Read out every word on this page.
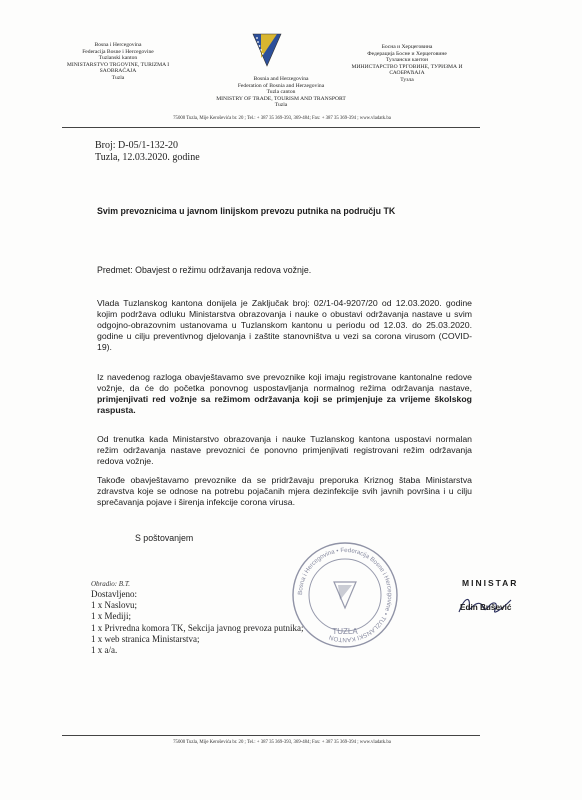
Bosna i Hercegovina
Federacija Bosne i Hercegovine
Tuzlanski kanton
MINISTARSTVO TRGOVINE, TURIZMA I SAOBRAĆAJA
Tuzla	Bosnia and Herzegovina
Federation of Bosnia and Herzegovina
Tuzla canton
MINISTRY OF TRADE, TOURISM AND TRANSPORT
Tuzla
Босна и Херцеговина
Федерација Босне и Херцеговине
Тузлански кантон
МИНИСТАРСТВО ТРГОВИНЕ, ТУРИЗМА И САОБРАЋАЈА
Тузла
75000 Tuzla, Mije Keroševića br. 20 ; Tel.: + 387 35 369-393, 369-484; Fax: + 387 35 369-394 ; www.vladatk.ba
Broj: D-05/1-132-20
Tuzla, 12.03.2020. godine
Svim prevoznicima u javnom linijskom prevozu putnika na području TK
Predmet: Obavjest o režimu održavanja redova vožnje.
Vlada Tuzlanskog kantona donijela je Zaključak broj: 02/1-04-9207/20 od 12.03.2020. godine kojim podržava odluku Ministarstva obrazovanja i nauke o obustavi održavanja nastave u svim odgojno-obrazovnim ustanovama u Tuzlanskom kantonu u periodu od 12.03. do 25.03.2020. godine u cilju preventivnog djelovanja i zaštite stanovništva u vezi sa corona virusom (COVID-19).
Iz navedenog razloga obavještavamo sve prevoznike koji imaju registrovane kantonalne redove vožnje, da će do početka ponovnog uspostavljanja normalnog režima održavanja nastave, primjenjivati red vožnje sa režimom održavanja koji se primjenjuje za vrijeme školskog raspusta.
Od trenutka kada Ministarstvo obrazovanja i nauke Tuzlanskog kantona uspostavi normalan režim održavanja nastave prevoznici će ponovno primjenjivati registrovani režim održavanja redova vožnje.
Takođe obavještavamo prevoznike da se pridržavaju preporuka Kriznog štaba Ministarstva zdravstva koje se odnose na potrebu pojačanih mjera dezinfekcije svih javnih površina i u cilju sprečavanja pojave i širenja infekcije corona virusa.
S poštovanjem
Bosna i Hercegovina • Federacija Bosne i Hercegovine • TUZLANSKI KANTON
TUZLA
Obradio: B.T.
Dostavljeno:
1 x Naslovu;
1 x Mediji;
1 x Privredna komora TK, Sekcija javnog prevoza putnika;
1 x web stranica Ministarstva;
1 x a/a.
MINISTAR
Edin Bušević
75000 Tuzla, Mije Keroševića br. 20 ; Tel.: + 387 35 369-393, 369-484; Fax: + 387 35 369-394 ; www.vladatk.ba
